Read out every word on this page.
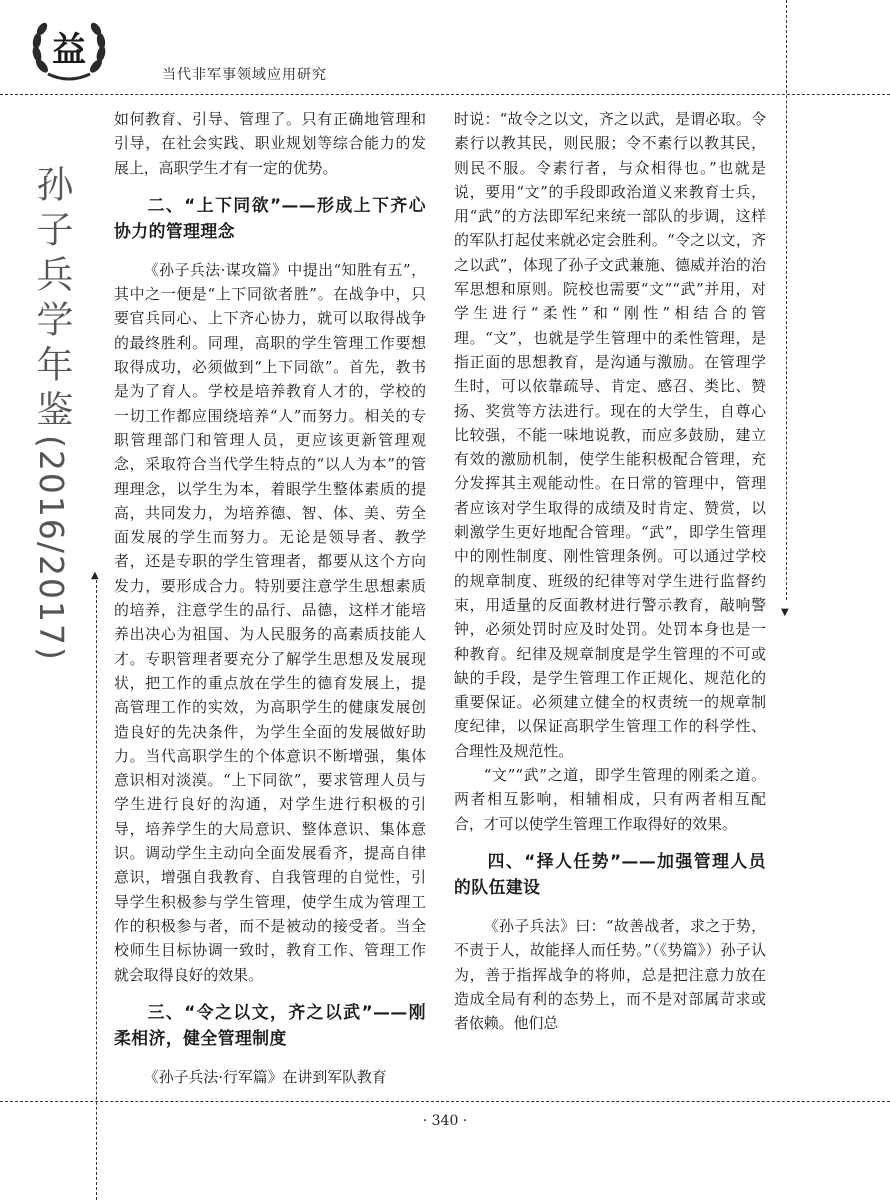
益
当代非军事领域应用研究
▲
▼
孙子兵学年鉴(2016/2017)

如何教育、引导、管理了。只有正确地管理和引导，在社会实践、职业规划等综合能力的发展上，高职学生才有一定的优势。

二、“上下同欲”——形成上下齐心协力的管理理念

《孙子兵法·谋攻篇》中提出“知胜有五”，其中之一便是“上下同欲者胜”。在战争中，只要官兵同心、上下齐心协力，就可以取得战争的最终胜利。同理，高职的学生管理工作要想取得成功，必须做到“上下同欲”。首先，教书是为了育人。学校是培养教育人才的，学校的一切工作都应围绕培养“人”而努力。相关的专职管理部门和管理人员，更应该更新管理观念，采取符合当代学生特点的“以人为本”的管理理念，以学生为本，着眼学生整体素质的提高，共同发力，为培养德、智、体、美、劳全面发展的学生而努力。无论是领导者、教学者，还是专职的学生管理者，都要从这个方向发力，要形成合力。特别要注意学生思想素质的培养，注意学生的品行、品德，这样才能培养出决心为祖国、为人民服务的高素质技能人才。专职管理者要充分了解学生思想及发展现状，把工作的重点放在学生的德育发展上，提高管理工作的实效，为高职学生的健康发展创造良好的先决条件，为学生全面的发展做好助力。当代高职学生的个体意识不断增强，集体意识相对淡漠。“上下同欲”，要求管理人员与学生进行良好的沟通，对学生进行积极的引导，培养学生的大局意识、整体意识、集体意识。调动学生主动向全面发展看齐，提高自律意识，增强自我教育、自我管理的自觉性，引导学生积极参与学生管理，使学生成为管理工作的积极参与者，而不是被动的接受者。当全校师生目标协调一致时，教育工作、管理工作就会取得良好的效果。

三、“令之以文，齐之以武”——刚柔相济，健全管理制度

《孙子兵法·行军篇》在讲到军队教育

时说：“故令之以文，齐之以武，是谓必取。令素行以教其民，则民服；令不素行以教其民，则民不服。令素行者，与众相得也。”也就是说，要用“文”的手段即政治道义来教育士兵，用“武”的方法即军纪来统一部队的步调，这样的军队打起仗来就必定会胜利。“令之以文，齐之以武”，体现了孙子文武兼施、德威并治的治军思想和原则。院校也需要“文”“武”并用，对学生进行“柔性”和“刚性”相结合的管理。“文”，也就是学生管理中的柔性管理，是指正面的思想教育，是沟通与激励。在管理学生时，可以依靠疏导、肯定、感召、类比、赞扬、奖赏等方法进行。现在的大学生，自尊心比较强，不能一味地说教，而应多鼓励，建立有效的激励机制，使学生能积极配合管理，充分发挥其主观能动性。在日常的管理中，管理者应该对学生取得的成绩及时肯定、赞赏，以刺激学生更好地配合管理。“武”，即学生管理中的刚性制度、刚性管理条例。可以通过学校的规章制度、班级的纪律等对学生进行监督约束，用适量的反面教材进行警示教育，敲响警钟，必须处罚时应及时处罚。处罚本身也是一种教育。纪律及规章制度是学生管理的不可或缺的手段，是学生管理工作正规化、规范化的重要保证。必须建立健全的权责统一的规章制度纪律，以保证高职学生管理工作的科学性、合理性及规范性。

“文”“武”之道，即学生管理的刚柔之道。两者相互影响，相辅相成，只有两者相互配合，才可以使学生管理工作取得好的效果。

四、“择人任势”——加强管理人员的队伍建设

《孙子兵法》曰：“故善战者，求之于势，不责于人，故能择人而任势。”（《势篇》）孙子认为，善于指挥战争的将帅，总是把注意力放在造成全局有利的态势上，而不是对部属苛求或者依赖。他们总

· 340 ·
